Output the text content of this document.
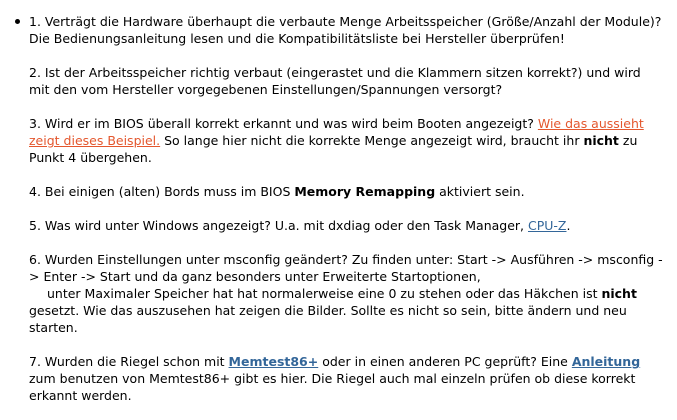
1. Verträgt die Hardware überhaupt die verbaute Menge Arbeitsspeicher (Größe/Anzahl der Module)? Die Bedienungsanleitung lesen und die Kompatibilitätsliste bei Hersteller überprüfen!

2. Ist der Arbeitsspeicher richtig verbaut (eingerastet und die Klammern sitzen korrekt?) und wird mit den vom Hersteller vorgegebenen Einstellungen/Spannungen versorgt?

3. Wird er im BIOS überall korrekt erkannt und was wird beim Booten angezeigt? Wie das aussieht zeigt dieses Beispiel. So lange hier nicht die korrekte Menge angezeigt wird, braucht ihr nicht zu Punkt 4 übergehen.

4. Bei einigen (alten) Bords muss im BIOS Memory Remapping aktiviert sein.

5. Was wird unter Windows angezeigt? U.a. mit dxdiag oder den Task Manager, CPU-Z.

6. Wurden Einstellungen unter msconfig geändert? Zu finden unter: Start -> Ausführen -> msconfig -> Enter -> Start und da ganz besonders unter Erweiterte Startoptionen,
unter Maximaler Speicher hat hat normalerweise eine 0 zu stehen oder das Häkchen ist nicht
gesetzt. Wie das auszusehen hat zeigen die Bilder. Sollte es nicht so sein, bitte ändern und neu starten.

7. Wurden die Riegel schon mit Memtest86+ oder in einen anderen PC geprüft? Eine Anleitung zum benutzen von Memtest86+ gibt es hier. Die Riegel auch mal einzeln prüfen ob diese korrekt erkannt werden.
